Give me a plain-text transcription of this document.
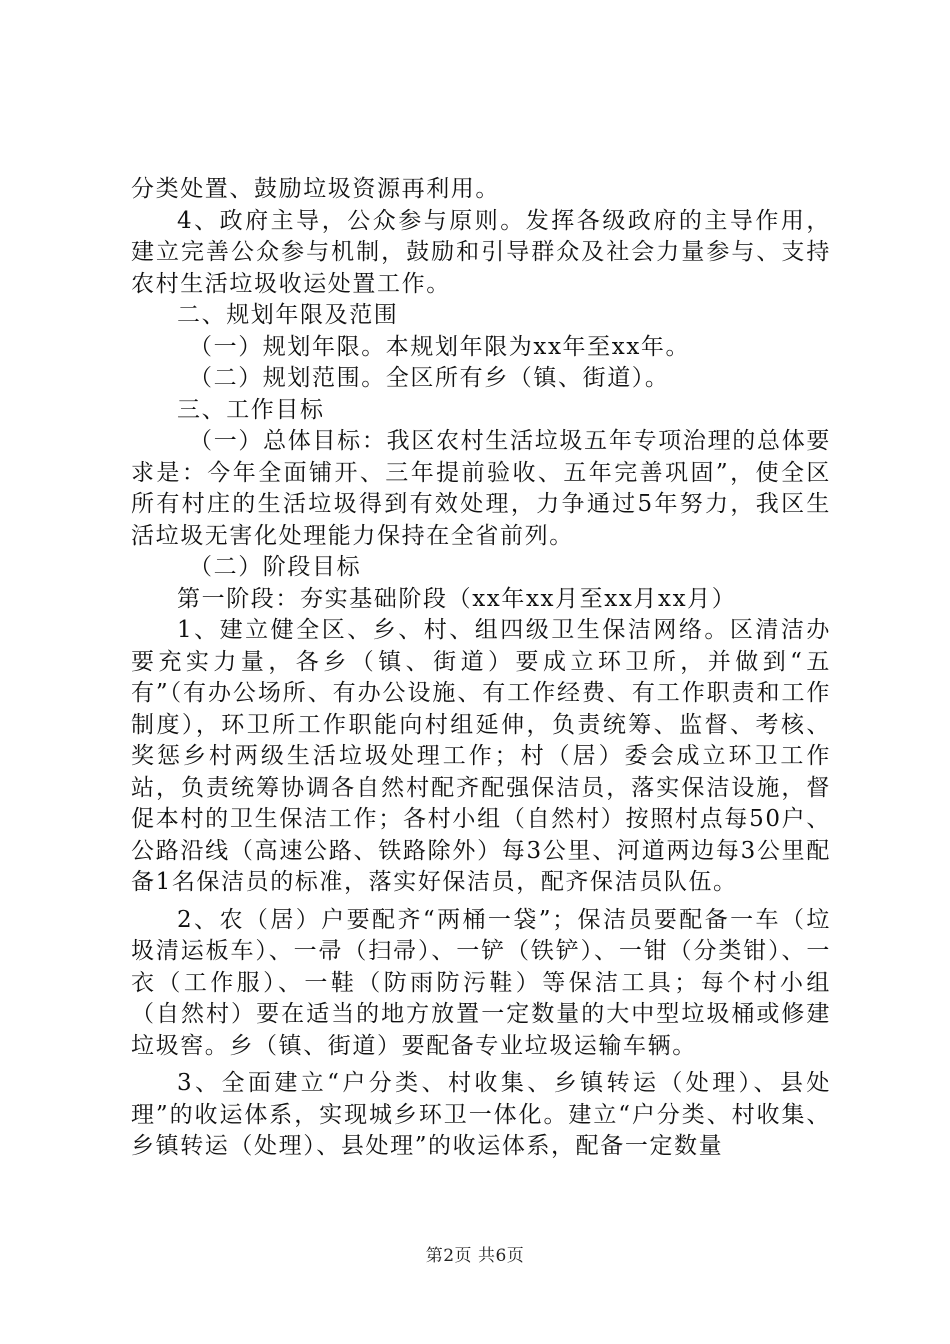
分类处置、鼓励垃圾资源再利用。

4、政府主导，公众参与原则。发挥各级政府的主导作用，建立完善公众参与机制，鼓励和引导群众及社会力量参与、支持农村生活垃圾收运处置工作。

二、规划年限及范围

（一）规划年限。本规划年限为xx年至xx年。

（二）规划范围。全区所有乡（镇、街道）。

三、工作目标

（一）总体目标：我区农村生活垃圾五年专项治理的总体要求是：今年全面铺开、三年提前验收、五年完善巩固”，使全区所有村庄的生活垃圾得到有效处理，力争通过5年努力，我区生活垃圾无害化处理能力保持在全省前列。

（二）阶段目标

第一阶段：夯实基础阶段（xx年xx月至xx月xx月）

1、建立健全区、乡、村、组四级卫生保洁网络。区清洁办要充实力量，各乡（镇、街道）要成立环卫所，并做到“五有”（有办公场所、有办公设施、有工作经费、有工作职责和工作制度），环卫所工作职能向村组延伸，负责统筹、监督、考核、奖惩乡村两级生活垃圾处理工作；村（居）委会成立环卫工作站，负责统筹协调各自然村配齐配强保洁员，落实保洁设施，督促本村的卫生保洁工作；各村小组（自然村）按照村点每50户、公路沿线（高速公路、铁路除外）每3公里、河道两边每3公里配备1名保洁员的标准，落实好保洁员，配齐保洁员队伍。

2、农（居）户要配齐“两桶一袋”；保洁员要配备一车（垃圾清运板车）、一帚（扫帚）、一铲（铁铲）、一钳（分类钳）、一衣（工作服）、一鞋（防雨防污鞋）等保洁工具；每个村小组（自然村）要在适当的地方放置一定数量的大中型垃圾桶或修建垃圾窖。乡（镇、街道）要配备专业垃圾运输车辆。

3、全面建立“户分类、村收集、乡镇转运（处理）、县处理”的收运体系，实现城乡环卫一体化。建立“户分类、村收集、乡镇转运（处理）、县处理”的收运体系，配备一定数量

第2页 共6页
